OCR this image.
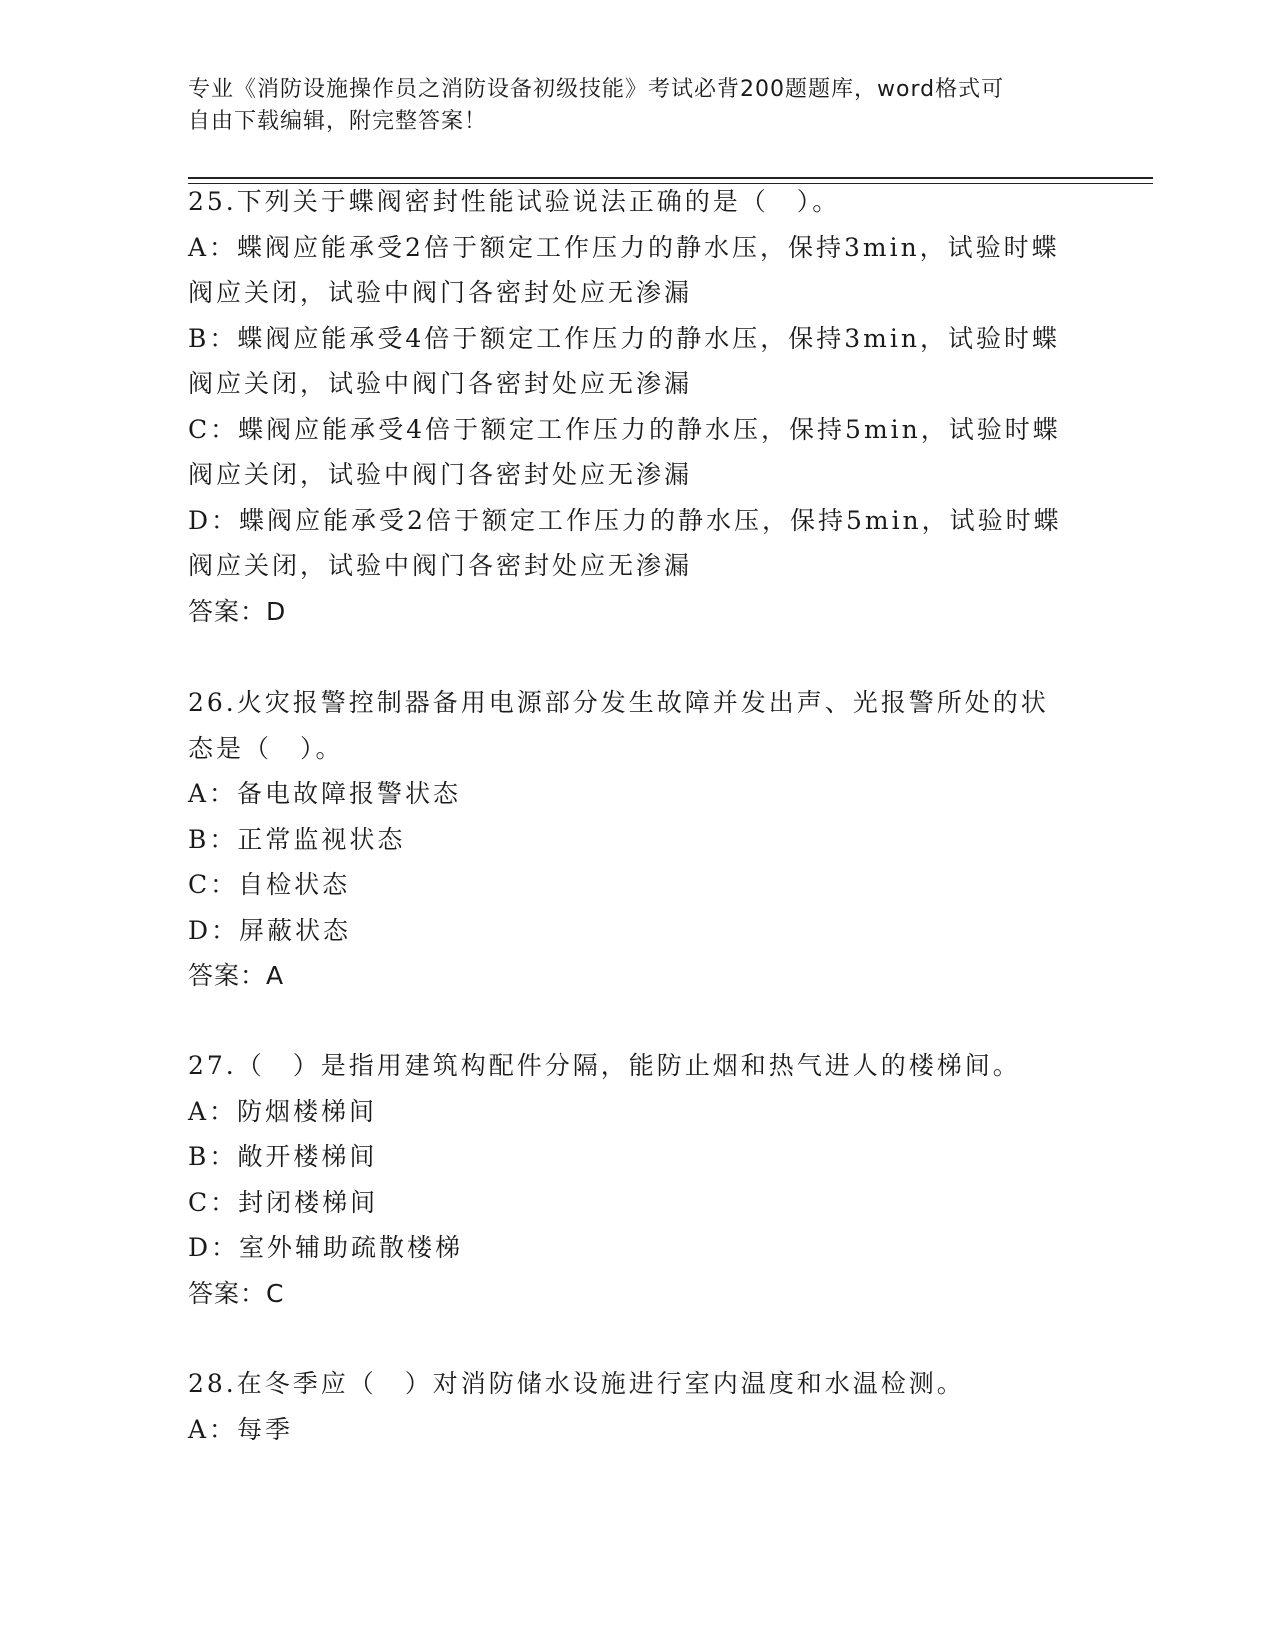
专业《消防设施操作员之消防设备初级技能》考试必背200题题库，word格式可
自由下载编辑，附完整答案！
25.下列关于蝶阀密封性能试验说法正确的是（　）。
A：蝶阀应能承受2倍于额定工作压力的静水压，保持3min，试验时蝶
阀应关闭，试验中阀门各密封处应无渗漏
B：蝶阀应能承受4倍于额定工作压力的静水压，保持3min，试验时蝶
阀应关闭，试验中阀门各密封处应无渗漏
C：蝶阀应能承受4倍于额定工作压力的静水压，保持5min，试验时蝶
阀应关闭，试验中阀门各密封处应无渗漏
D：蝶阀应能承受2倍于额定工作压力的静水压，保持5min，试验时蝶
阀应关闭，试验中阀门各密封处应无渗漏
答案：D
26.火灾报警控制器备用电源部分发生故障并发出声、光报警所处的状
态是（　）。
A：备电故障报警状态
B：正常监视状态
C：自检状态
D：屏蔽状态
答案：A
27.（　）是指用建筑构配件分隔，能防止烟和热气进人的楼梯间。
A：防烟楼梯间
B：敞开楼梯间
C：封闭楼梯间
D：室外辅助疏散楼梯
答案：C
28.在冬季应（　）对消防储水设施进行室内温度和水温检测。
A：每季
